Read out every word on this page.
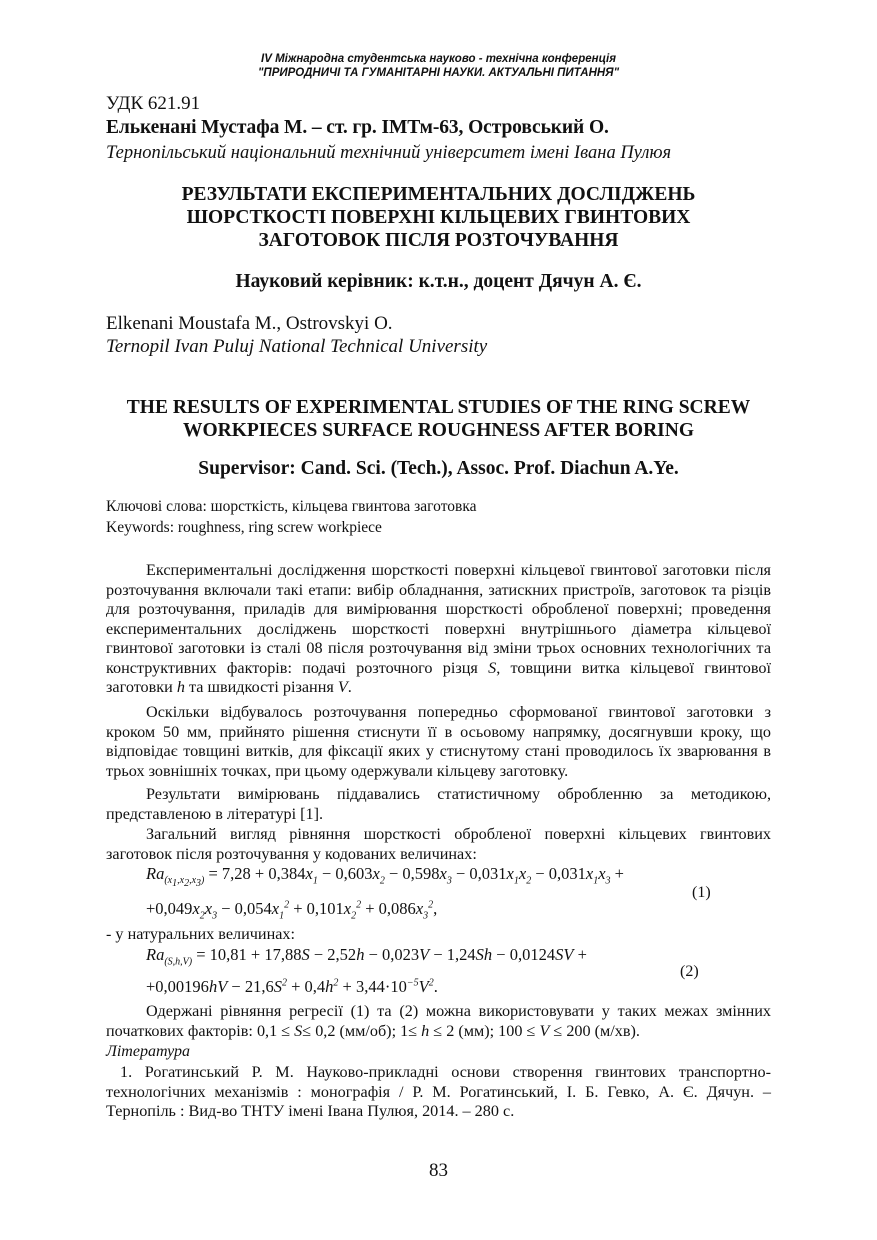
IV Міжнародна студентська науково - технічна конференція
"ПРИРОДНИЧІ ТА ГУМАНІТАРНІ НАУКИ. АКТУАЛЬНІ ПИТАННЯ"
УДК 621.91
Елькенані Мустафа М. – ст. гр. ІМТм-63, Островський О.
Тернопільський національний технічний університет імені Івана Пулюя
РЕЗУЛЬТАТИ ЕКСПЕРИМЕНТАЛЬНИХ ДОСЛІДЖЕНЬ
ШОРСТКОСТІ ПОВЕРХНІ КІЛЬЦЕВИХ ГВИНТОВИХ
ЗАГОТОВОК ПІСЛЯ РОЗТОЧУВАННЯ
Науковий керівник: к.т.н., доцент Дячун А. Є.
Elkenani Moustafa M., Ostrovskyi O.
Ternopil Ivan Puluj National Technical University
THE RESULTS OF EXPERIMENTAL STUDIES OF THE RING SCREW
WORKPIECES SURFACE ROUGHNESS AFTER BORING
Supervisor: Cand. Sci. (Tech.), Assoc. Prof. Diachun A.Ye.
Ключові слова: шорсткість, кільцева гвинтова заготовка
Keywords: roughness, ring screw workpiece
Експериментальні дослідження шорсткості поверхні кільцевої гвинтової заготовки після розточування включали такі етапи: вибір обладнання, затискних пристроїв, заготовок та різців для розточування, приладів для вимірювання шорсткості обробленої поверхні; проведення експериментальних досліджень шорсткості поверхні внутрішнього діаметра кільцевої гвинтової заготовки із сталі 08 після розточування від зміни трьох основних технологічних та конструктивних факторів: подачі розточного різця S, товщини витка кільцевої гвинтової заготовки h та швидкості різання V.
Оскільки відбувалось розточування попередньо сформованої гвинтової заготовки з кроком 50 мм, прийнято рішення стиснути її в осьовому напрямку, досягнувши кроку, що відповідає товщині витків, для фіксації яких у стиснутому стані проводилось їх зварювання в трьох зовнішніх точках, при цьому одержували кільцеву заготовку.
Результати вимірювань піддавались статистичному обробленню за методикою, представленою в літературі [1].
Загальний вигляд рівняння шорсткості обробленої поверхні кільцевих гвинтових заготовок після розточування у кодованих величинах:
$Ra_{(x_1,x_2,x_3)} = 7,28 + 0,384x_1 - 0,603x_2 - 0,598x_3 - 0,031x_1x_2 - 0,031x_1x_3$ +
(1)
$+0,049x_2x_3 - 0,054x_1^2 + 0,101x_2^2 + 0,086x_3^2$,
- у натуральних величинах:
$Ra_{(S,h,V)} = 10,81 + 17,88S - 2,52h - 0,023V - 1,24Sh - 0,0124SV$ +
(2)
$+0,00196hV - 21,6S^2 + 0,4h^2 + 3,44\cdot 10^{-5}V^2$.
Одержані рівняння регресії (1) та (2) можна використовувати у таких межах змінних початкових факторів: 0,1 ≤ S≤ 0,2 (мм/об); 1≤ h ≤ 2 (мм); 100 ≤ V ≤ 200 (м/хв).
Література
1. Рогатинський Р. М. Науково-прикладні основи створення гвинтових транспортно-технологічних механізмів : монографія / Р. М. Рогатинський, І. Б. Гевко, А. Є. Дячун. – Тернопіль : Вид-во ТНТУ імені Івана Пулюя, 2014. – 280 с.
83
